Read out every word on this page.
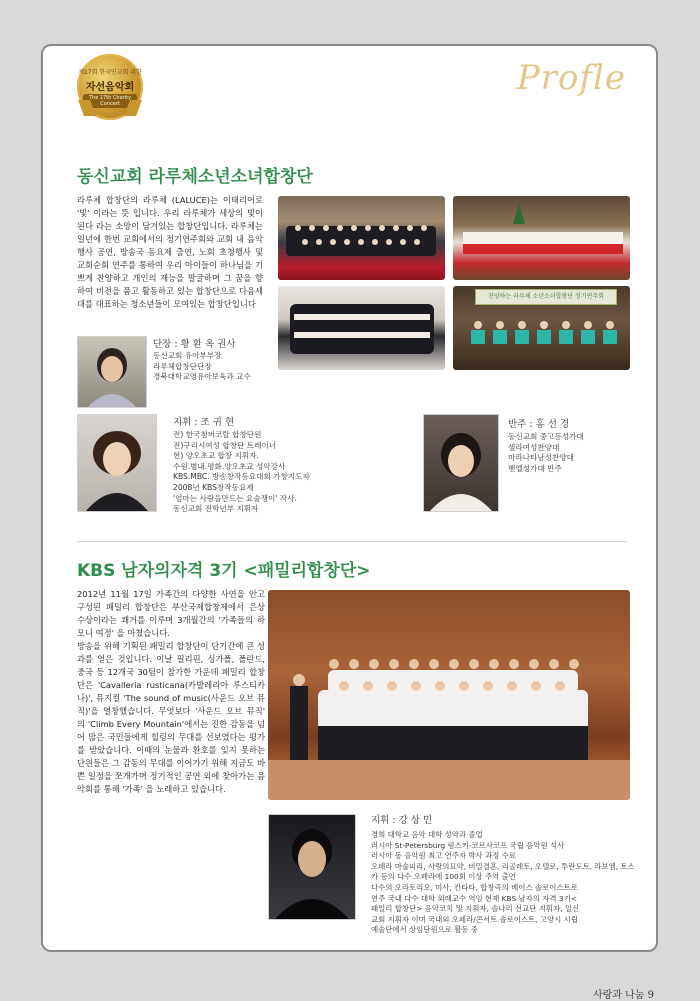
제17회 한국인교회 위한
자선음악회
The 17th Charity Concert
Profle
동신교회 라루체소년소녀합창단
라루체 합창단의 라루체 (LALUCE)는 이태리어로 '빛' 이라는 뜻 입니다. 우리 라루체가 세상의 빛이 된다 라는 소망이 담겨있는 합창단입니다. 라루체는 일년에 한번 교회에서의 정기연주회와 교회 내 음악행사 공연, 방송국 동요제 출연, 노회 초청행사 및 교회순회 연주를 통하여 우리 아이들이 하나님을 기쁘게 찬양하고 개인의 재능을 발굴하며 그 꿈을 향하여 비전을 품고 활동하고 있는 합창단으로 다음세대를 대표하는 청소년들이 모여있는 합창단입니다
찬양하는 라루체 소년소녀합창단 정기연주회
단장 : 황 환 옥 권사
동신교회 유아부부장
라루체합창단단장
경북대학교영유아보육과 교수
지휘 : 조 귀 현
전) 한국첨버코랄 합창단원
전)구리시여성 합창단 트레이너
현) 양오초교 합창 지휘자.
수원.별내.평화.양오초교 성악강사
KBS.MBC. 방송창작동요대회 가창지도자
2008년 KBS창작동요제
'엄마는 사랑을만드는 요술쟁이' 작사.
동신교회 전학년부 지휘자
반주 : 홍 선 경
동신교회 중고등성가대
셀라여성찬양대
마라나타남성찬양대
벧엘성가대 반주
KBS 남자의자격 3기 <패밀리합창단>
2012년 11월 17일 가족간의 다양한 사연을 안고 구성된 패밀리 합창단은 부산국제합창제에서 은상 수상이라는 쾌거를 이루며 3개월간의 '가족들의 하모니 여정' 을 마쳤습니다.
방송을 위해 기획된 패밀리 합창단이 단기간에 큰 성과를 얻은 것입니다. 이날 필리핀, 싱가폴, 폴란드, 중국 등 12개국 30팀이 참가한 가운데 패밀리 합창단은 'Cavalleria rusticana(카발레리아 루스티카나)', 뮤지컬 'The sound of music(사운드 오브 뮤직)'을 열창했습니다. 무엇보다 '사운드 오브 뮤직' 의 'Climb Every Mountain'에서는 진한 감동을 넘어 많은 국민들에게 힐링의 무대를 선보였다는 평가를 받았습니다. 이때의 눈물과 환호를 잊지 못하는 단원들은 그 감동의 무대를 이어가기 위해 지금도 바쁜 일정을 쪼개가며 정기적인 공연 외에 찾아가는 음악회를 통해 '가족' 을 노래하고 있습니다.
지휘 : 강 상 민
경희 대학교 음악 대학 성악과 졸업
러시아 St-Petersburg 림스키-코르사코프 국립 음악원 석사
러시아 동 음악원 최고 연주자 박사 과정 수료
오페라 마술피리, 사랑의묘약, 비밀결혼, 리골레토, 오텔로, 투란도트, 라보엠, 토스카 등의 다수 오페라에 100회 이상 주역 출연
다수의 오라토리오, 미사, 칸타타, 합창곡의 베이스 솔로이스트로
연주 국내 다수 대학 외래교수 역임 현재 KBS 남자의 자격 3기<
패밀리 합창단> 음악코치 및 지휘자, 솔나리 선교단 지휘자, 일신
교회 지휘자 이며 국내외 오페라/콘서트 솔로이스트, 고양시 시립
예술단에서 상임단원으로 활동 중
사랑과 나눔 9
